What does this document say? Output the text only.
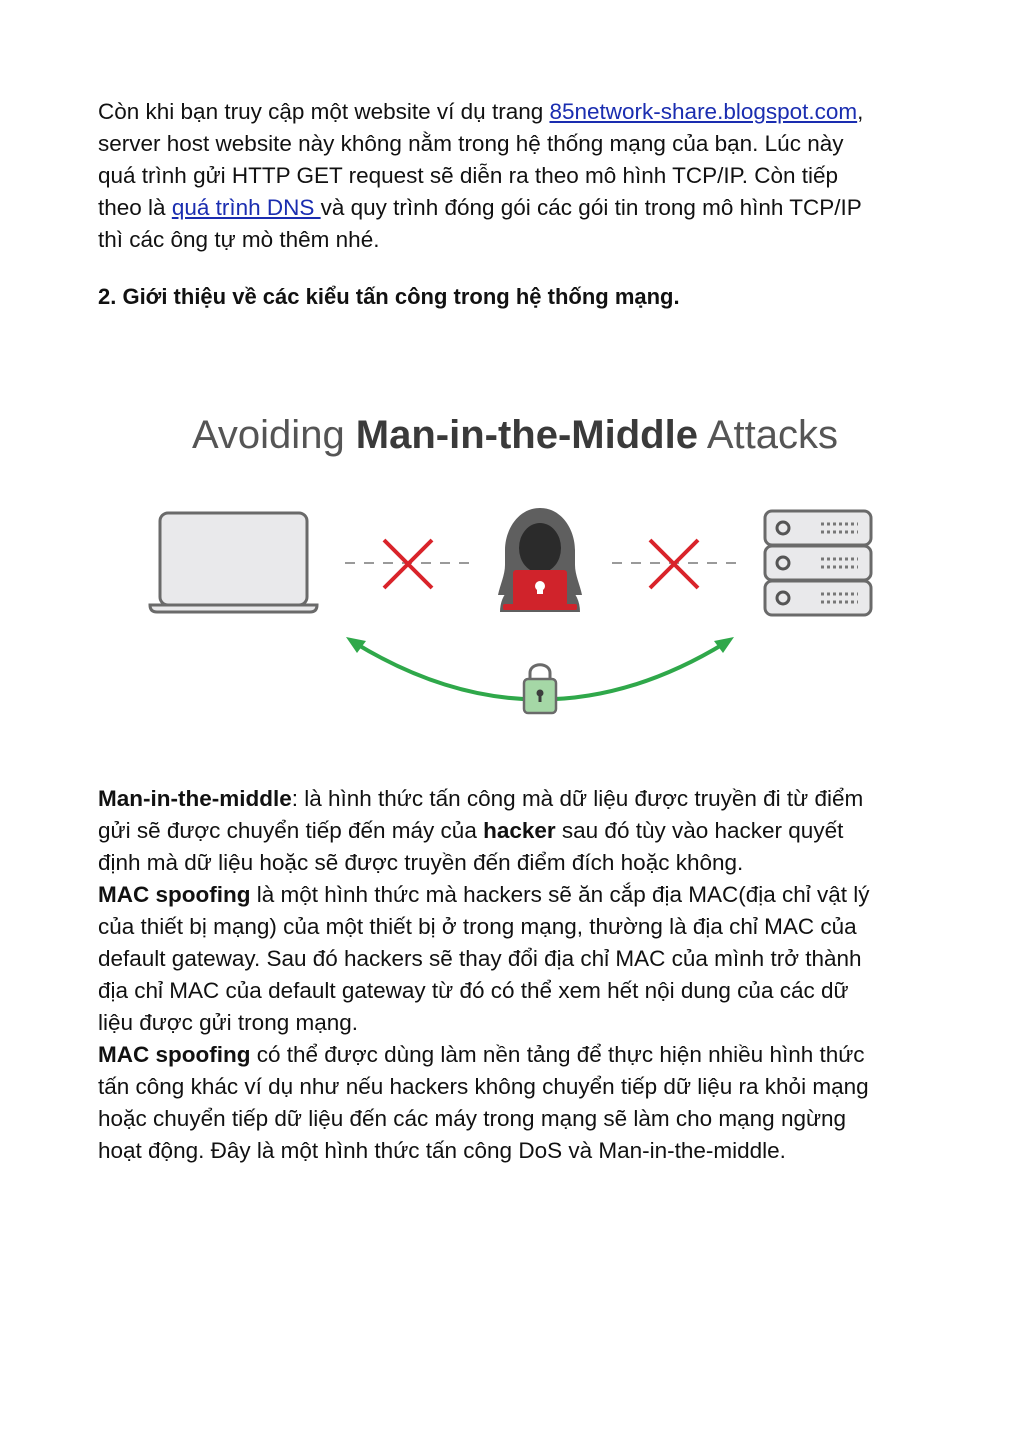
Còn khi bạn truy cập một website ví dụ trang 85network-share.blogspot.com,
server host website này không nằm trong hệ thống mạng của bạn. Lúc này
quá trình gửi HTTP GET request sẽ diễn ra theo mô hình TCP/IP. Còn tiếp
theo là quá trình DNS và quy trình đóng gói các gói tin trong mô hình TCP/IP
thì các ông tự mò thêm nhé.

2. Giới thiệu về các kiểu tấn công trong hệ thống mạng.
Avoiding Man-in-the-Middle Attacks

Man-in-the-middle: là hình thức tấn công mà dữ liệu được truyền đi từ điểm
gửi sẽ được chuyển tiếp đến máy của hacker sau đó tùy vào hacker quyết
định mà dữ liệu hoặc sẽ được truyền đến điểm đích hoặc không.
MAC spoofing là một hình thức mà hackers sẽ ăn cắp địa MAC(địa chỉ vật lý
của thiết bị mạng) của một thiết bị ở trong mạng, thường là địa chỉ MAC của
default gateway. Sau đó hackers sẽ thay đổi địa chỉ MAC của mình trở thành
địa chỉ MAC của default gateway từ đó có thể xem hết nội dung của các dữ
liệu được gửi trong mạng.
MAC spoofing có thể được dùng làm nền tảng để thực hiện nhiều hình thức
tấn công khác ví dụ như nếu hackers không chuyển tiếp dữ liệu ra khỏi mạng
hoặc chuyển tiếp dữ liệu đến các máy trong mạng sẽ làm cho mạng ngừng
hoạt động. Đây là một hình thức tấn công DoS và Man-in-the-middle.
